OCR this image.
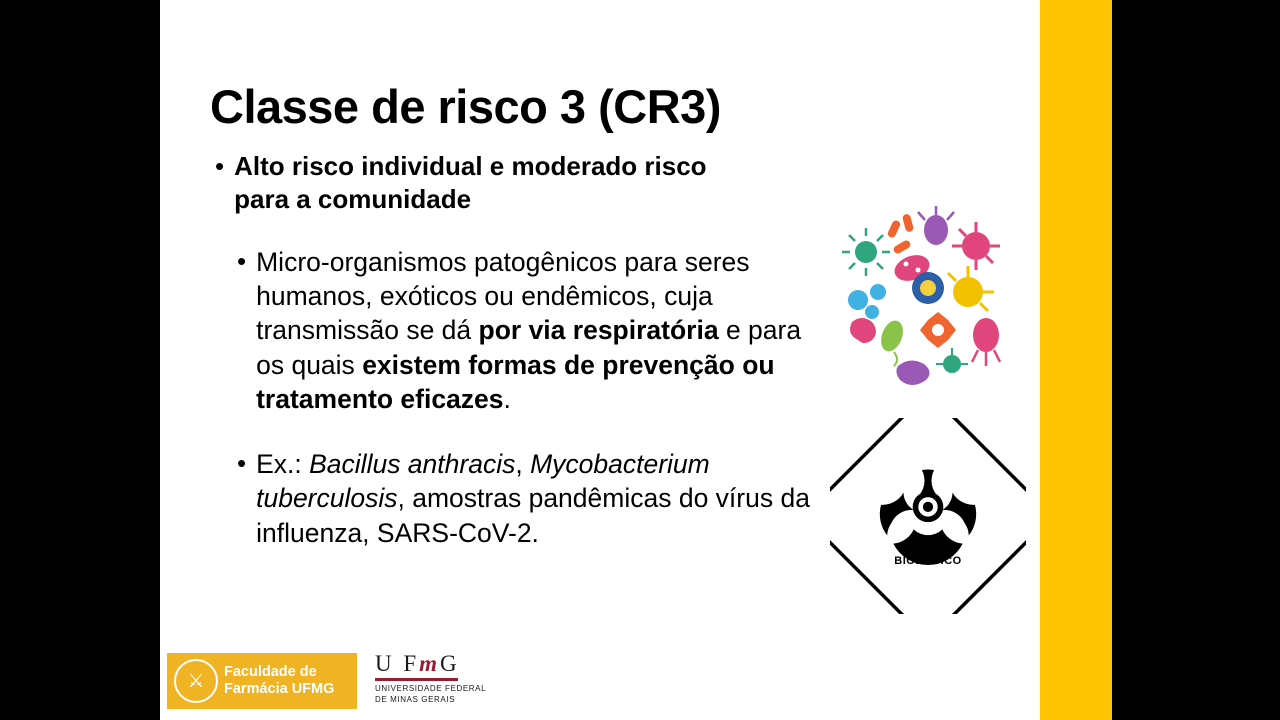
Classe de risco 3 (CR3)
• Alto risco individual e moderado risco para a comunidade
• Micro-organismos patogênicos para seres humanos, exóticos ou endêmicos, cuja transmissão se dá por via respiratória e para os quais existem formas de prevenção ou tratamento eficazes.
• Ex.: Bacillus anthracis, Mycobacterium tuberculosis, amostras pandêmicas do vírus da influenza, SARS-CoV-2.
RISCO
BIOLÓGICO
⚔	Faculdade de
Farmácia UFMG
U FmG
UNIVERSIDADE FEDERAL
DE MINAS GERAIS
